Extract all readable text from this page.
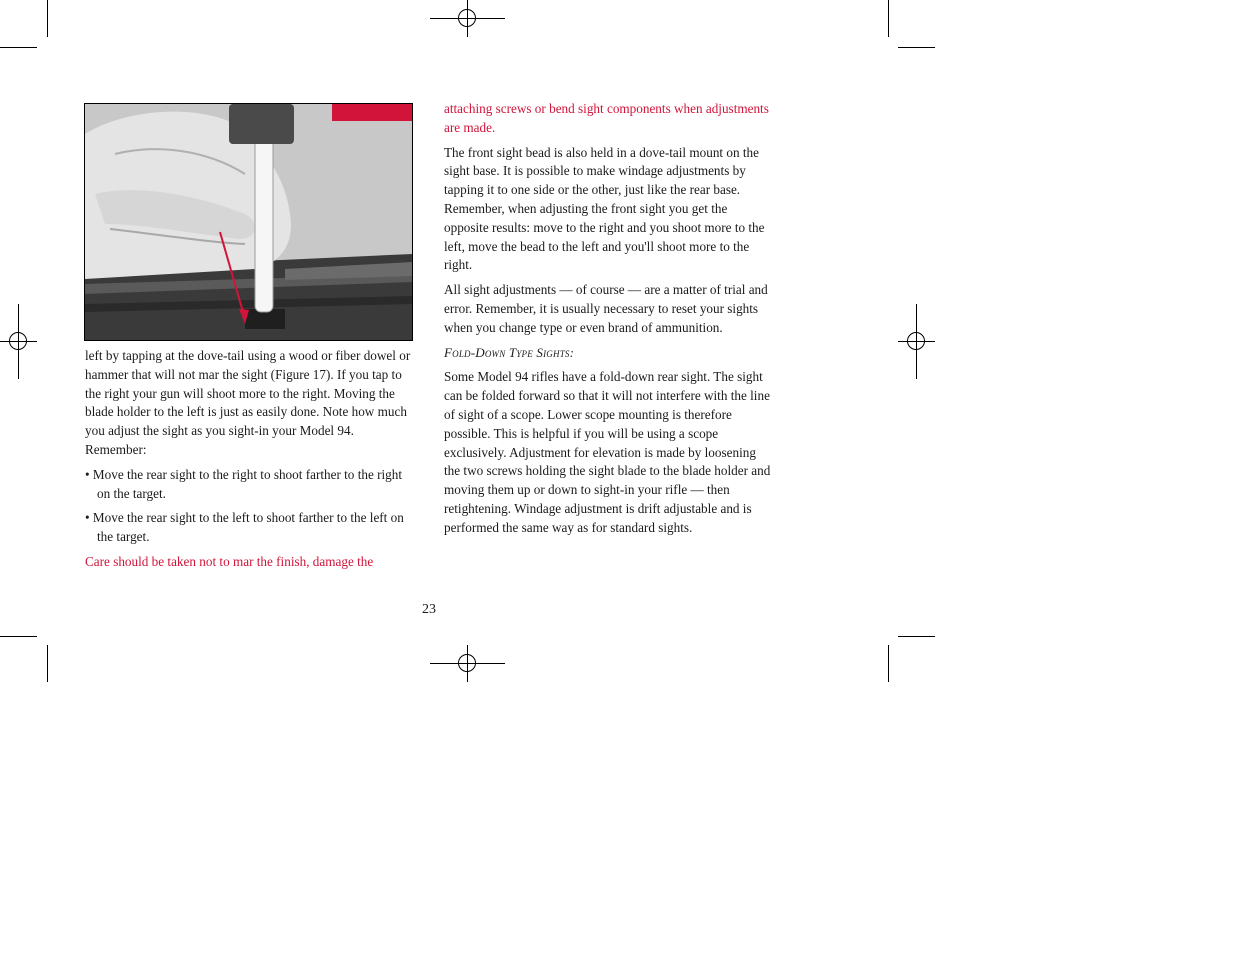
left by tapping at the dove-tail using a wood or fiber dowel or hammer that will not mar the sight (Figure 17). If you tap to the right your gun will shoot more to the right. Moving the blade holder to the left is just as easily done. Note how much you adjust the sight as you sight-in your Model 94. Remember:

• Move the rear sight to the right to shoot farther to the right on the target.

• Move the rear sight to the left to shoot farther to the left on the target.

Care should be taken not to mar the finish, damage the

attaching screws or bend sight components when adjustments are made.

The front sight bead is also held in a dove-tail mount on the sight base. It is possible to make windage adjustments by tapping it to one side or the other, just like the rear base. Remember, when adjusting the front sight you get the opposite results: move to the right and you shoot more to the left, move the bead to the left and you'll shoot more to the right.

All sight adjustments — of course — are a matter of trial and error. Remember, it is usually necessary to reset your sights when you change type or even brand of ammunition.

Fold-Down Type Sights:

Some Model 94 rifles have a fold-down rear sight. The sight can be folded forward so that it will not interfere with the line of sight of a scope. Lower scope mounting is therefore possible. This is helpful if you will be using a scope exclusively. Adjustment for elevation is made by loosening the two screws holding the sight blade to the blade holder and moving them up or down to sight-in your rifle — then retightening. Windage adjustment is drift adjustable and is performed the same way as for standard sights.

23
